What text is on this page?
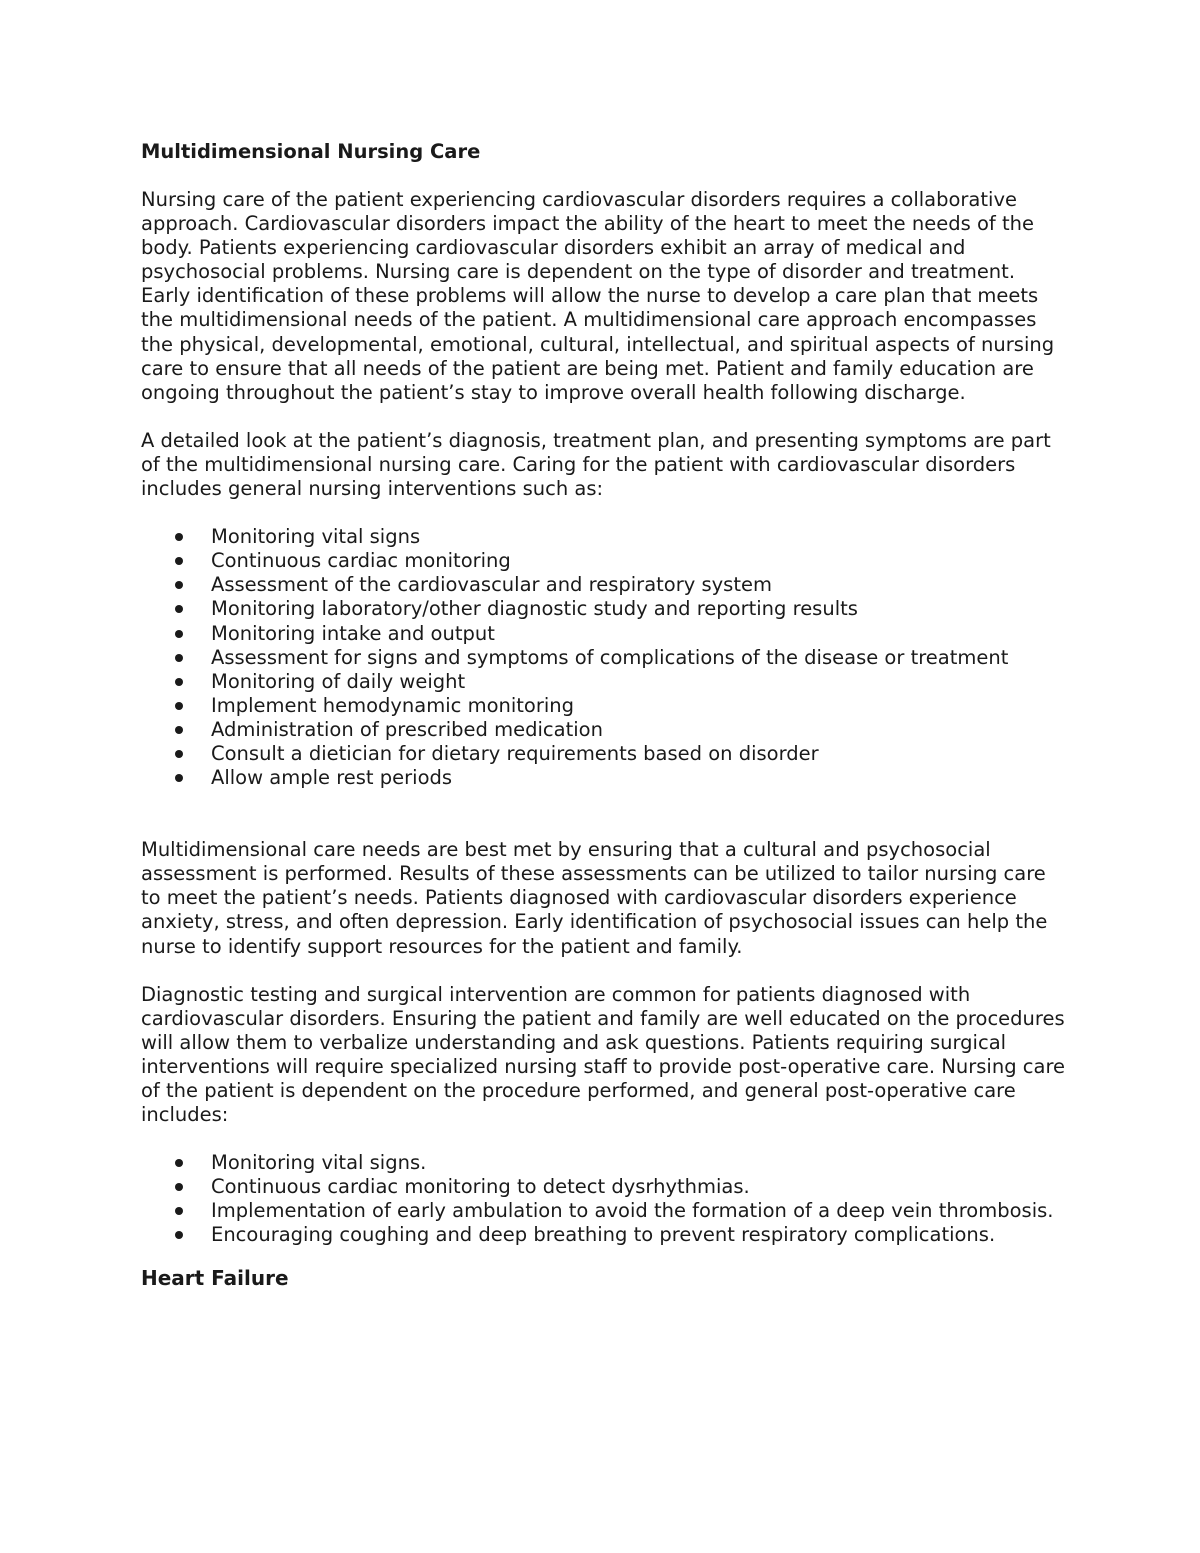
Multidimensional Nursing Care

Nursing care of the patient experiencing cardiovascular disorders requires a collaborative approach. Cardiovascular disorders impact the ability of the heart to meet the needs of the body. Patients experiencing cardiovascular disorders exhibit an array of medical and psychosocial problems. Nursing care is dependent on the type of disorder and treatment. Early identification of these problems will allow the nurse to develop a care plan that meets the multidimensional needs of the patient. A multidimensional care approach encompasses the physical, developmental, emotional, cultural, intellectual, and spiritual aspects of nursing care to ensure that all needs of the patient are being met. Patient and family education are ongoing throughout the patient’s stay to improve overall health following discharge.

A detailed look at the patient’s diagnosis, treatment plan, and presenting symptoms are part of the multidimensional nursing care. Caring for the patient with cardiovascular disorders includes general nursing interventions such as:

Monitoring vital signs
Continuous cardiac monitoring
Assessment of the cardiovascular and respiratory system
Monitoring laboratory/other diagnostic study and reporting results
Monitoring intake and output
Assessment for signs and symptoms of complications of the disease or treatment
Monitoring of daily weight
Implement hemodynamic monitoring
Administration of prescribed medication
Consult a dietician for dietary requirements based on disorder
Allow ample rest periods

Multidimensional care needs are best met by ensuring that a cultural and psychosocial assessment is performed. Results of these assessments can be utilized to tailor nursing care to meet the patient’s needs. Patients diagnosed with cardiovascular disorders experience anxiety, stress, and often depression. Early identification of psychosocial issues can help the nurse to identify support resources for the patient and family.

Diagnostic testing and surgical intervention are common for patients diagnosed with cardiovascular disorders. Ensuring the patient and family are well educated on the procedures will allow them to verbalize understanding and ask questions. Patients requiring surgical interventions will require specialized nursing staff to provide post-operative care. Nursing care of the patient is dependent on the procedure performed, and general post-operative care includes:

Monitoring vital signs.
Continuous cardiac monitoring to detect dysrhythmias.
Implementation of early ambulation to avoid the formation of a deep vein thrombosis.
Encouraging coughing and deep breathing to prevent respiratory complications.
Heart Failure
